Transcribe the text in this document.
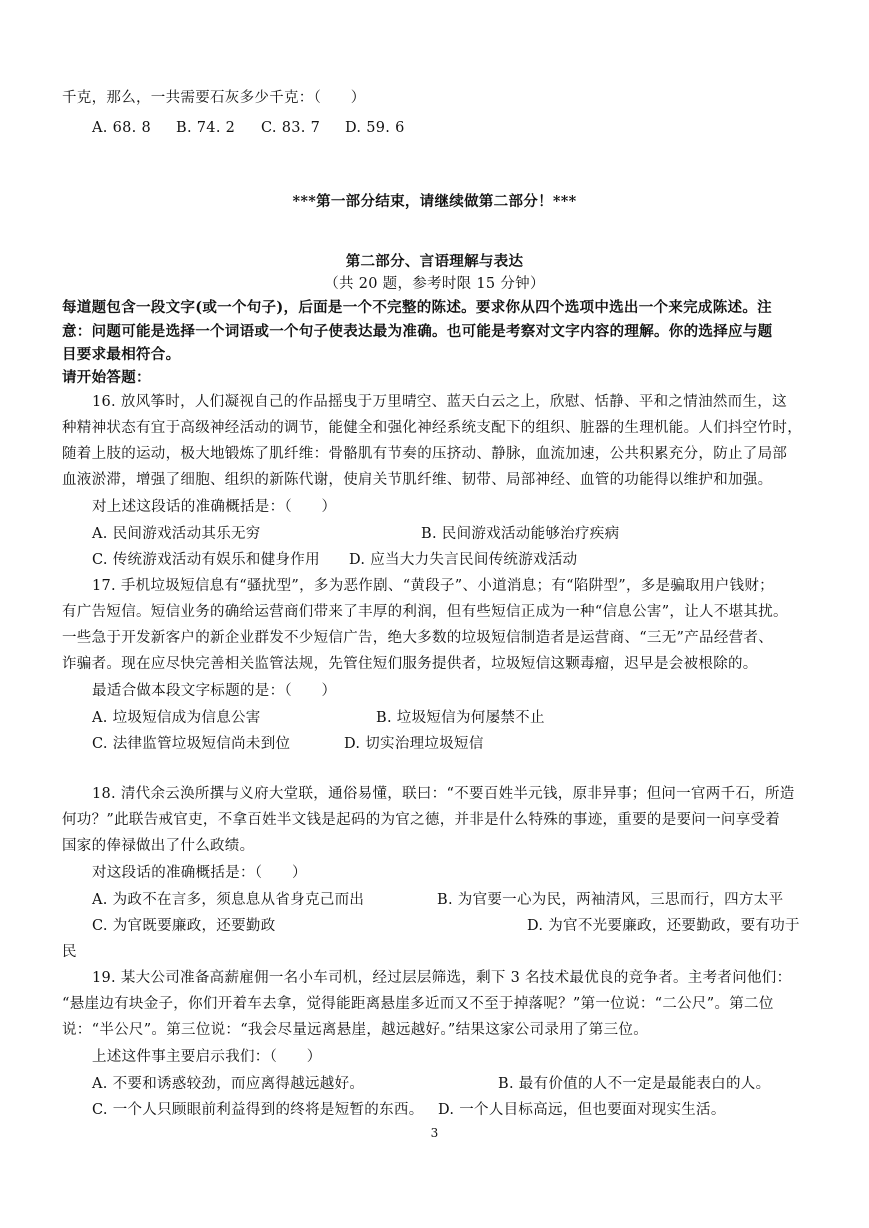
千克，那么，一共需要石灰多少千克：（　　）
A. 68. 8 B. 74. 2 C. 83. 7 D. 59. 6
***第一部分结束，请继续做第二部分！***
第二部分、言语理解与表达
（共 20 题，参考时限 15 分钟）
每道题包含一段文字(或一个句子)，后面是一个不完整的陈述。要求你从四个选项中选出一个来完成陈述。注
意：问题可能是选择一个词语或一个句子使表达最为准确。也可能是考察对文字内容的理解。你的选择应与题
目要求最相符合。
请开始答题：
16. 放风筝时，人们凝视自己的作品摇曳于万里晴空、蓝天白云之上，欣慰、恬静、平和之情油然而生，这
种精神状态有宜于高级神经活动的调节，能健全和强化神经系统支配下的组织、脏器的生理机能。人们抖空竹时，
随着上肢的运动，极大地锻炼了肌纤维：骨骼肌有节奏的压挤动、静脉，血流加速，公共积累充分，防止了局部
血液淤滞，增强了细胞、组织的新陈代谢，使肩关节肌纤维、韧带、局部神经、血管的功能得以维护和加强。
对上述这段话的准确概括是：（　　）
A. 民间游戏活动其乐无穷	B. 民间游戏活动能够治疗疾病
C. 传统游戏活动有娱乐和健身作用 D. 应当大力失言民间传统游戏活动
17. 手机垃圾短信息有“骚扰型”，多为恶作剧、“黄段子”、小道消息；有“陷阱型”，多是骗取用户钱财；
有广告短信。短信业务的确给运营商们带来了丰厚的利润，但有些短信正成为一种“信息公害”，让人不堪其扰。
一些急于开发新客户的新企业群发不少短信广告，绝大多数的垃圾短信制造者是运营商、“三无”产品经营者、
诈骗者。现在应尽快完善相关监管法规，先管住短们服务提供者，垃圾短信这颗毒瘤，迟早是会被根除的。
最适合做本段文字标题的是：（　　）
A. 垃圾短信成为信息公害	B. 垃圾短信为何屡禁不止
C. 法律监管垃圾短信尚未到位	D. 切实治理垃圾短信
18. 清代余云涣所撰与义府大堂联，通俗易懂，联曰：“不要百姓半元钱，原非异事；但问一官两千石，所造
何功？”此联告戒官吏，不拿百姓半文钱是起码的为官之德，并非是什么特殊的事迹，重要的是要问一问享受着
国家的俸禄做出了什么政绩。
对这段话的准确概括是：（　　）
A. 为政不在言多，须息息从省身克己而出	B. 为官要一心为民，两袖清风，三思而行，四方太平
C. 为官既要廉政，还要勤政	D. 为官不光要廉政，还要勤政，要有功于
民
19. 某大公司准备高薪雇佣一名小车司机，经过层层筛选，剩下 3 名技术最优良的竞争者。主考者问他们：
“悬崖边有块金子，你们开着车去拿，觉得能距离悬崖多近而又不至于掉落呢？”第一位说：“二公尺”。第二位
说：“半公尺”。第三位说：“我会尽量远离悬崖，越远越好。”结果这家公司录用了第三位。
上述这件事主要启示我们：（　　）
A. 不要和诱惑较劲，而应离得越远越好。	B. 最有价值的人不一定是最能表白的人。
C. 一个人只顾眼前利益得到的终将是短暂的东西。 D. 一个人目标高远，但也要面对现实生活。
3
